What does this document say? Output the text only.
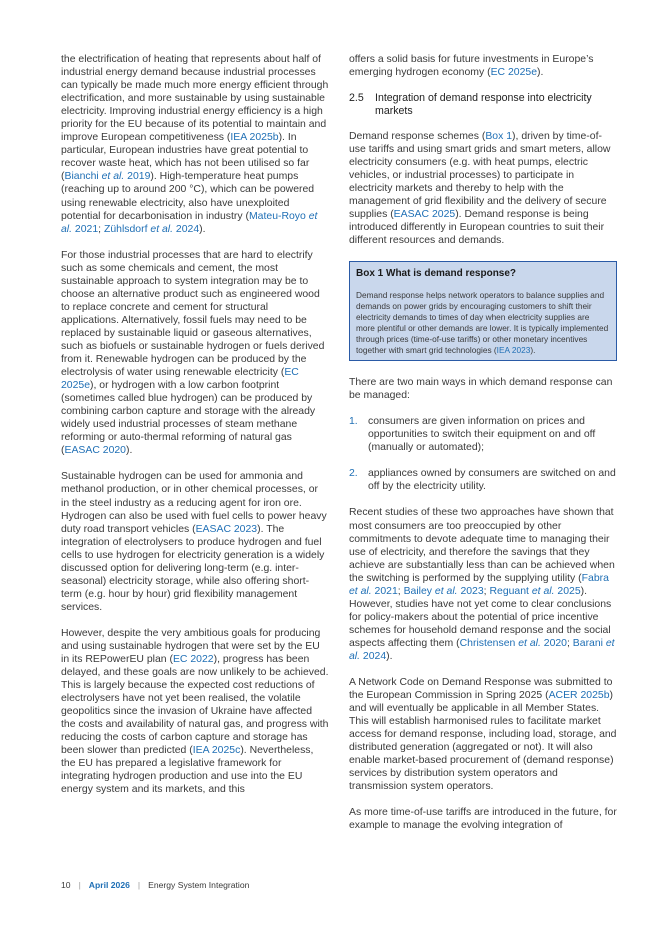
the electrification of heating that represents about half of industrial energy demand because industrial processes can typically be made much more energy efficient through electrification, and more sustainable by using sustainable electricity. Improving industrial energy efficiency is a high priority for the EU because of its potential to maintain and improve European competitiveness (IEA 2025b). In particular, European industries have great potential to recover waste heat, which has not been utilised so far (Bianchi et al. 2019). High-temperature heat pumps (reaching up to around 200 °C), which can be powered using renewable electricity, also have unexploited potential for decarbonisation in industry (Mateu-Royo et al. 2021; Zühlsdorf et al. 2024).

For those industrial processes that are hard to electrify such as some chemicals and cement, the most sustainable approach to system integration may be to choose an alternative product such as engineered wood to replace concrete and cement for structural applications. Alternatively, fossil fuels may need to be replaced by sustainable liquid or gaseous alternatives, such as biofuels or sustainable hydrogen or fuels derived from it. Renewable hydrogen can be produced by the electrolysis of water using renewable electricity (EC 2025e), or hydrogen with a low carbon footprint (sometimes called blue hydrogen) can be produced by combining carbon capture and storage with the already widely used industrial processes of steam methane reforming or auto-thermal reforming of natural gas (EASAC 2020).

Sustainable hydrogen can be used for ammonia and methanol production, or in other chemical processes, or in the steel industry as a reducing agent for iron ore. Hydrogen can also be used with fuel cells to power heavy duty road transport vehicles (EASAC 2023). The integration of electrolysers to produce hydrogen and fuel cells to use hydrogen for electricity generation is a widely discussed option for delivering long-term (e.g. inter-seasonal) electricity storage, while also offering short-term (e.g. hour by hour) grid flexibility management services.

However, despite the very ambitious goals for producing and using sustainable hydrogen that were set by the EU in its REPowerEU plan (EC 2022), progress has been delayed, and these goals are now unlikely to be achieved. This is largely because the expected cost reductions of electrolysers have not yet been realised, the volatile geopolitics since the invasion of Ukraine have affected the costs and availability of natural gas, and progress with reducing the costs of carbon capture and storage has been slower than predicted (IEA 2025c). Nevertheless, the EU has prepared a legislative framework for integrating hydrogen production and use into the EU energy system and its markets, and this

offers a solid basis for future investments in Europe’s emerging hydrogen economy (EC 2025e).

2.5	Integration of demand response into electricity markets

Demand response schemes (Box 1), driven by time-of-use tariffs and using smart grids and smart meters, allow electricity consumers (e.g. with heat pumps, electric vehicles, or industrial processes) to participate in electricity markets and thereby to help with the management of grid flexibility and the delivery of secure supplies (EASAC 2025). Demand response is being introduced differently in European countries to suit their different resources and demands.

Box 1 What is demand response?
Demand response helps network operators to balance supplies and demands on power grids by encouraging customers to shift their electricity demands to times of day when electricity supplies are more plentiful or other demands are lower. It is typically implemented through prices (time-of-use tariffs) or other monetary incentives together with smart grid technologies (IEA 2023).

There are two main ways in which demand response can be managed:

1. consumers are given information on prices and opportunities to switch their equipment on and off (manually or automated);
2. appliances owned by consumers are switched on and off by the electricity utility.

Recent studies of these two approaches have shown that most consumers are too preoccupied by other commitments to devote adequate time to managing their use of electricity, and therefore the savings that they achieve are substantially less than can be achieved when the switching is performed by the supplying utility (Fabra et al. 2021; Bailey et al. 2023; Reguant et al. 2025). However, studies have not yet come to clear conclusions for policy-makers about the potential of price incentive schemes for household demand response and the social aspects affecting them (Christensen et al. 2020; Barani et al. 2024).

A Network Code on Demand Response was submitted to the European Commission in Spring 2025 (ACER 2025b) and will eventually be applicable in all Member States. This will establish harmonised rules to facilitate market access for demand response, including load, storage, and distributed generation (aggregated or not). It will also enable market-based procurement of (demand response) services by distribution system operators and transmission system operators.

As more time-of-use tariffs are introduced in the future, for example to manage the evolving integration of

10 | April 2026 | Energy System Integration
